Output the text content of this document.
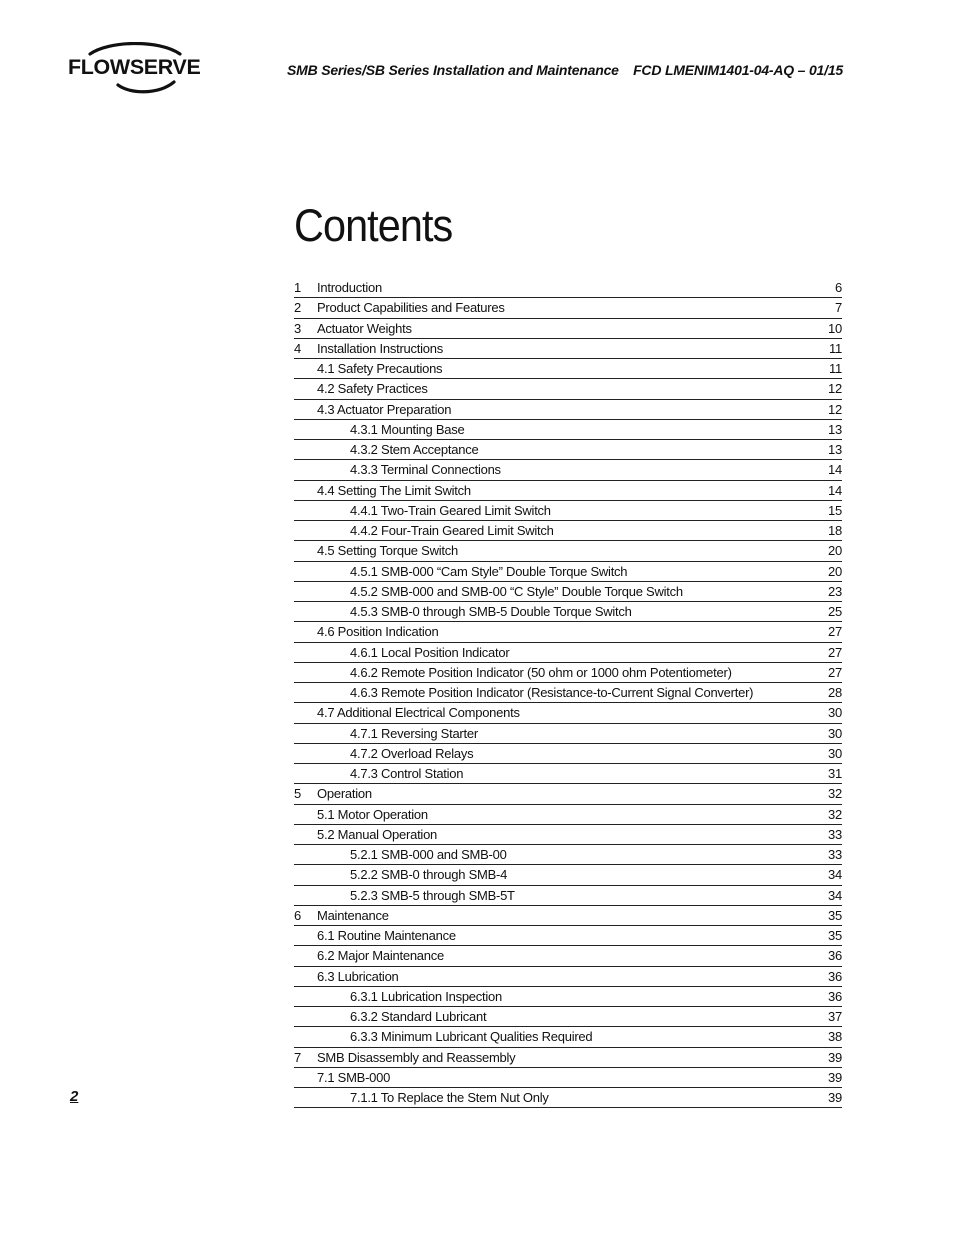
FLOWSERVE	SMB Series/SB Series Installation and Maintenance FCD LMENIM1401-04-AQ – 01/15
Contents
1 Introduction	6
2 Product Capabilities and Features	7
3 Actuator Weights	10
4 Installation Instructions	11
4.1 Safety Precautions	11
4.2 Safety Practices	12
4.3 Actuator Preparation	12
4.3.1 Mounting Base	13
4.3.2 Stem Acceptance	13
4.3.3 Terminal Connections	14
4.4 Setting The Limit Switch	14
4.4.1 Two-Train Geared Limit Switch	15
4.4.2 Four-Train Geared Limit Switch	18
4.5 Setting Torque Switch	20
4.5.1 SMB-000 “Cam Style” Double Torque Switch	20
4.5.2 SMB-000 and SMB-00 “C Style” Double Torque Switch	23
4.5.3 SMB-0 through SMB-5 Double Torque Switch	25
4.6 Position Indication	27
4.6.1 Local Position Indicator	27
4.6.2 Remote Position Indicator (50 ohm or 1000 ohm Potentiometer)	27
4.6.3 Remote Position Indicator (Resistance-to-Current Signal Converter)	28
4.7 Additional Electrical Components	30
4.7.1 Reversing Starter	30
4.7.2 Overload Relays	30
4.7.3 Control Station	31
5 Operation	32
5.1 Motor Operation	32
5.2 Manual Operation	33
5.2.1 SMB-000 and SMB-00	33
5.2.2 SMB-0 through SMB-4	34
5.2.3 SMB-5 through SMB-5T	34
6 Maintenance	35
6.1 Routine Maintenance	35
6.2 Major Maintenance	36
6.3 Lubrication	36
6.3.1 Lubrication Inspection	36
6.3.2 Standard Lubricant	37
6.3.3 Minimum Lubricant Qualities Required	38
7 SMB Disassembly and Reassembly	39
7.1 SMB-000	39
7.1.1 To Replace the Stem Nut Only	39
2
